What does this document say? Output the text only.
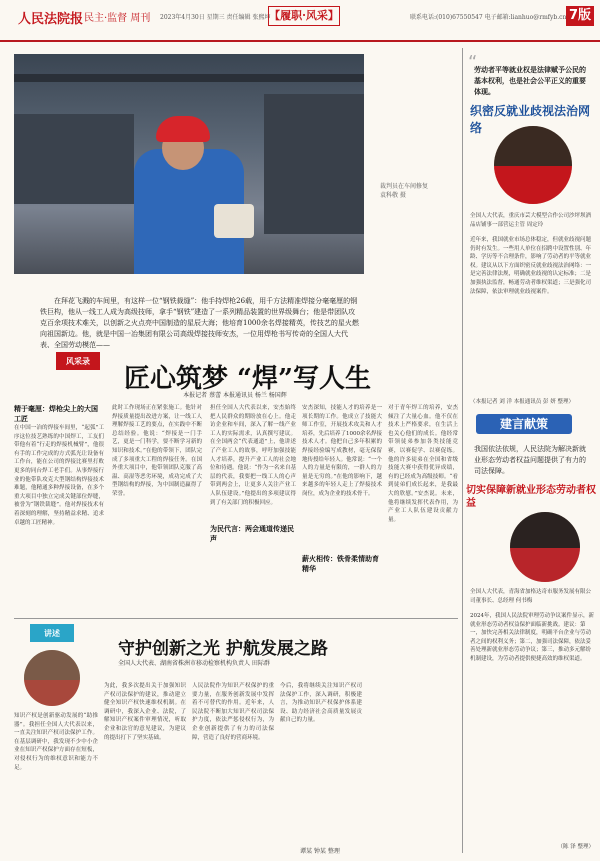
人民法院报 民主·监督 周刊 2023年4月30日 星期三 责任编辑 张熙坤
【履职·风采】	联系电话:(010)67550547 电子邮箱:lianhuo@rmfyb.cn 7版
裁判员在车间修复
袁科敬 摄
在拜花飞溅的车间里，有这样一位“钢铁裁缝”：他手持焊枪26载，用千方法精准焊接分毫毫厘的钢铁巨构，他从一线工人成为高级技师，拿手“钢铁”建造了一系列精品装置的世界级舞台；他是带团队攻克百余项技术难关，以创新之火点亮中国制造的星辰大海；他培育1000余名焊接精英，传技艺的星火燃向祖国新边。他，就是中国一冶集团有限公司高级焊接技师安杰，一位用焊枪书写传奇的全国人大代表、全国劳动模范——
风采录
匠心筑梦 “焊”写人生
本报记者 蔡蕾 本报通讯员 杨兰 杨国辉
精于毫厘：焊枪尖上的大国工匠
在中国一冶的焊接车间里，“起弧”工序这位技艺熟练的中国焊工，工友们带他有着“行走的焊接机械臂”，他很有手的工作完成的方式弧光让设备有工作台，能在公司的焊接比赛里打败更多的同台焊工老手们。从事焊接行业的他带队攻克大型钢结构焊接技术难题，他精通多种焊接设备，在多个重大项目中独立完成关键部位焊缝，被誉为“钢铁裁缝”。他对焊接技术有着深刻的理解，坚持精益求精、追求卓越的工匠精神。
此时工作现场正在紧张施工。他针对焊接质量提出改进方案，让一线工人理解焊接工艺的要点，在实践中不断总结经验。他说：“焊接是一门手艺，更是一门科学，要不断学习新的知识和技术。”在他的带领下，团队完成了多项重大工程的焊接任务。在国外重大项目中，他带领团队克服了高温、高湿等恶劣环境，成功完成了大型钢结构的焊接，为中国制造赢得了荣誉。
担任全国人大代表以来，安杰始终把人民群众的期盼放在心上。他走访企业和车间，深入了解一线产业工人的实际需求，认真撰写建议。在全国两会“代表通道”上，他讲述了产业工人的故事，呼吁加强技能人才培养，提升产业工人的社会地位和待遇。他说：“作为一名来自基层的代表，我要把一线工人的心声带到两会上，让更多人关注产业工人队伍建设。”他提出的多项建议得到了有关部门的积极回应。
为民代言：两会通道传递民声
安杰深知，技能人才的培养是一项长期的工作。他成立了技能大师工作室，开展技术攻关和人才培养，先后培养了1000余名焊接技术人才。他把自己多年积累的焊接经验编写成教材，毫无保留地传授给年轻人。他常说：“一个人的力量是有限的，一群人的力量是无穷的。”在他的影响下，越来越多的年轻人走上了焊接技术岗位，成为企业的技术骨干。
薪火相传：铁骨柔情助育精华
对于青年焊工的培养，安杰倾注了大量心血。他不仅在技术上严格要求，在生活上也关心他们的成长。他经常带领徒弟参加各类技能竞赛，以赛促学、以赛促练。他的许多徒弟在全国和省级技能大赛中获得优异成绩，有的已经成为高级技师。“看到徒弟们成长起来，是我最大的欣慰。”安杰说。未来，他将继续发挥代表作用，为产业工人队伍建设贡献力量。
讲述
守护创新之光 护航发展之路
全国人大代表、湖南省株洲市移动检察机构负责人 田际群
知识产权是创新驱动发展的“助推器”。我担任全国人大代表以来，一直关注知识产权司法保护工作。在基层调研中，我发现不少中小企业在知识产权保护方面存在短板，对侵权行为的维权意识和能力不足。
为此，我多次提出关于加强知识产权司法保护的建议，推动建立健全知识产权快速维权机制。在调研中，我深入企业、法院，了解知识产权案件审理情况，听取企业和法官的意见建议，为建议的提出打下了坚实基础。
人民法院作为知识产权保护的重要力量，在服务创新发展中发挥着不可替代的作用。近年来，人民法院不断加大知识产权司法保护力度，依法严惩侵权行为，为企业创新提供了有力的司法保障，营造了良好的营商环境。
今后，我将继续关注知识产权司法保护工作，深入调研，积极建言，为推动知识产权保护体系建设、助力经济社会高质量发展贡献自己的力量。
谭某 钟某 整理
“
劳动者平等就业权是法律赋予公民的基本权利，也是社会公平正义的重要体现。
织密反就业歧视法治网络
全国人大代表，重庆市芸大模型合作公司沙坪坝酒品店铺事一部营运主管 周定玲
近年来，我国就业市场总体稳定，但就业歧视问题仍时有发生。一些用人单位在招聘中设置性别、年龄、学历等不合理条件，影响了劳动者的平等就业权。建议从以下方面织密反就业歧视法治网络：一是完善法律法规，明确就业歧视的认定标准；二是加强执法监督，畅通劳动者维权渠道；三是强化司法保障，依法审理就业歧视案件。
（本报记者 刘 洋 本报通讯员 彭 妍 整理）
建言献策
我国依法依规，人民法院为解决新就业形态劳动者权益问题提供了有力的司法保障。
切实保障新就业形态劳动者权益
全国人大代表，青海省加格达奇市服务发展有限公司董事长、总经理 何书梅
2024年，我国人民法院审理劳动争议案件显示，新就业形态劳动者权益保护面临新挑战。建议：第一，加快完善相关法律制度，明确平台企业与劳动者之间的权利义务；第二，加强司法保障，依法妥善处理新就业形态劳动争议；第三，推动多元解纷机制建设，为劳动者提供便捷高效的维权渠道。
（陈 泽 整理）
